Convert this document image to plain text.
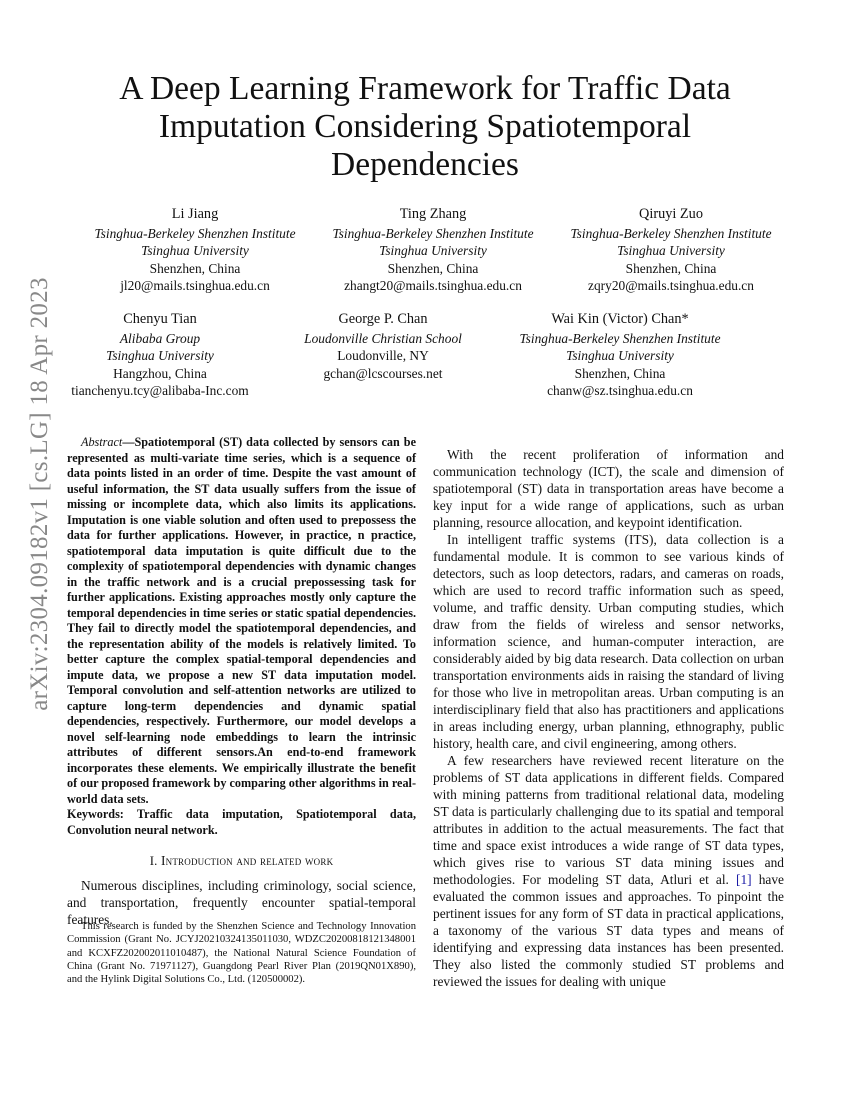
arXiv:2304.09182v1 [cs.LG] 18 Apr 2023
A Deep Learning Framework for Traffic Data Imputation Considering Spatiotemporal Dependencies
Li Jiang
Tsinghua-Berkeley Shenzhen Institute
Tsinghua University
Shenzhen, China
jl20@mails.tsinghua.edu.cn
Ting Zhang
Tsinghua-Berkeley Shenzhen Institute
Tsinghua University
Shenzhen, China
zhangt20@mails.tsinghua.edu.cn
Qiruyi Zuo
Tsinghua-Berkeley Shenzhen Institute
Tsinghua University
Shenzhen, China
zqry20@mails.tsinghua.edu.cn
Chenyu Tian
Alibaba Group
Tsinghua University
Hangzhou, China
tianchenyu.tcy@alibaba-Inc.com
George P. Chan
Loudonville Christian School
Loudonville, NY
gchan@lcscourses.net
Wai Kin (Victor) Chan*
Tsinghua-Berkeley Shenzhen Institute
Tsinghua University
Shenzhen, China
chanw@sz.tsinghua.edu.cn

Abstract—Spatiotemporal (ST) data collected by sensors can be represented as multi-variate time series, which is a sequence of data points listed in an order of time. Despite the vast amount of useful information, the ST data usually suffers from the issue of missing or incomplete data, which also limits its applications. Imputation is one viable solution and often used to prepossess the data for further applications. However, in practice, n practice, spatiotemporal data imputation is quite difficult due to the complexity of spatiotemporal dependencies with dynamic changes in the traffic network and is a crucial prepossessing task for further applications. Existing approaches mostly only capture the temporal dependencies in time series or static spatial dependencies. They fail to directly model the spatiotemporal dependencies, and the representation ability of the models is relatively limited. To better capture the complex spatial-temporal dependencies and impute data, we propose a new ST data imputation model. Temporal convolution and self-attention networks are utilized to capture long-term dependencies and dynamic spatial dependencies, respectively. Furthermore, our model develops a novel self-learning node embeddings to learn the intrinsic attributes of different sensors.An end-to-end framework incorporates these elements. We empirically illustrate the benefit of our proposed framework by comparing other algorithms in real-world data sets.

Keywords: Traffic data imputation, Spatiotemporal data, Convolution neural network.

I. Introduction and related work

Numerous disciplines, including criminology, social science, and transportation, frequently encounter spatial-temporal features.

This research is funded by the Shenzhen Science and Technology Innovation Commission (Grant No. JCYJ20210324135011030, WDZC20200818121348001 and KCXFZ202002011010487), the National Natural Science Foundation of China (Grant No. 71971127), Guangdong Pearl River Plan (2019QN01X890), and the Hylink Digital Solutions Co., Ltd. (120500002).

With the recent proliferation of information and communication technology (ICT), the scale and dimension of spatiotemporal (ST) data in transportation areas have become a key input for a wide range of applications, such as urban planning, resource allocation, and keypoint identification.

In intelligent traffic systems (ITS), data collection is a fundamental module. It is common to see various kinds of detectors, such as loop detectors, radars, and cameras on roads, which are used to record traffic information such as speed, volume, and traffic density. Urban computing studies, which draw from the fields of wireless and sensor networks, information science, and human-computer interaction, are considerably aided by big data research. Data collection on urban transportation environments aids in raising the standard of living for those who live in metropolitan areas. Urban computing is an interdisciplinary field that also has practitioners and applications in areas including energy, urban planning, ethnography, public history, health care, and civil engineering, among others.

A few researchers have reviewed recent literature on the problems of ST data applications in different fields. Compared with mining patterns from traditional relational data, modeling ST data is particularly challenging due to its spatial and temporal attributes in addition to the actual measurements. The fact that time and space exist introduces a wide range of ST data types, which gives rise to various ST data mining issues and methodologies. For modeling ST data, Atluri et al. [1] have evaluated the common issues and approaches. To pinpoint the pertinent issues for any form of ST data in practical applications, a taxonomy of the various ST data types and means of identifying and expressing data instances has been presented. They also listed the commonly studied ST problems and reviewed the issues for dealing with unique
